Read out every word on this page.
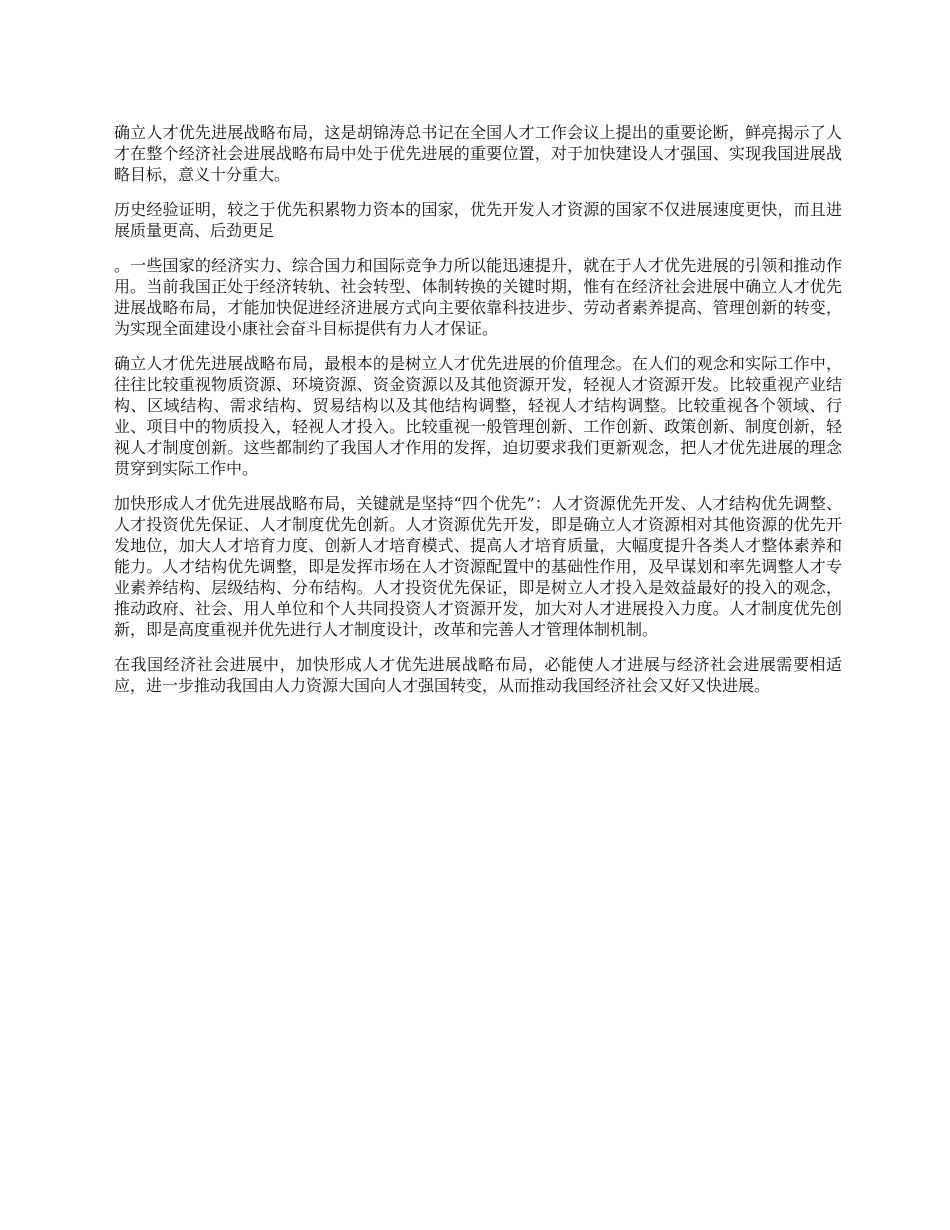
确立人才优先进展战略布局，这是胡锦涛总书记在全国人才工作会议上提出的重要论断，鲜亮揭示了人才在整个经济社会进展战略布局中处于优先进展的重要位置，对于加快建设人才强国、实现我国进展战略目标，意义十分重大。

历史经验证明，较之于优先积累物力资本的国家，优先开发人才资源的国家不仅进展速度更快，而且进展质量更高、后劲更足

。一些国家的经济实力、综合国力和国际竞争力所以能迅速提升，就在于人才优先进展的引领和推动作用。当前我国正处于经济转轨、社会转型、体制转换的关键时期，惟有在经济社会进展中确立人才优先进展战略布局，才能加快促进经济进展方式向主要依靠科技进步、劳动者素养提高、管理创新的转变，为实现全面建设小康社会奋斗目标提供有力人才保证。

确立人才优先进展战略布局，最根本的是树立人才优先进展的价值理念。在人们的观念和实际工作中，往往比较重视物质资源、环境资源、资金资源以及其他资源开发，轻视人才资源开发。比较重视产业结构、区域结构、需求结构、贸易结构以及其他结构调整，轻视人才结构调整。比较重视各个领域、行业、项目中的物质投入，轻视人才投入。比较重视一般管理创新、工作创新、政策创新、制度创新，轻视人才制度创新。这些都制约了我国人才作用的发挥，迫切要求我们更新观念，把人才优先进展的理念贯穿到实际工作中。

加快形成人才优先进展战略布局，关键就是坚持“四个优先”：人才资源优先开发、人才结构优先调整、人才投资优先保证、人才制度优先创新。人才资源优先开发，即是确立人才资源相对其他资源的优先开发地位，加大人才培育力度、创新人才培育模式、提高人才培育质量，大幅度提升各类人才整体素养和能力。人才结构优先调整，即是发挥市场在人才资源配置中的基础性作用，及早谋划和率先调整人才专业素养结构、层级结构、分布结构。人才投资优先保证，即是树立人才投入是效益最好的投入的观念，推动政府、社会、用人单位和个人共同投资人才资源开发，加大对人才进展投入力度。人才制度优先创新，即是高度重视并优先进行人才制度设计，改革和完善人才管理体制机制。

在我国经济社会进展中，加快形成人才优先进展战略布局，必能使人才进展与经济社会进展需要相适应，进一步推动我国由人力资源大国向人才强国转变，从而推动我国经济社会又好又快进展。
